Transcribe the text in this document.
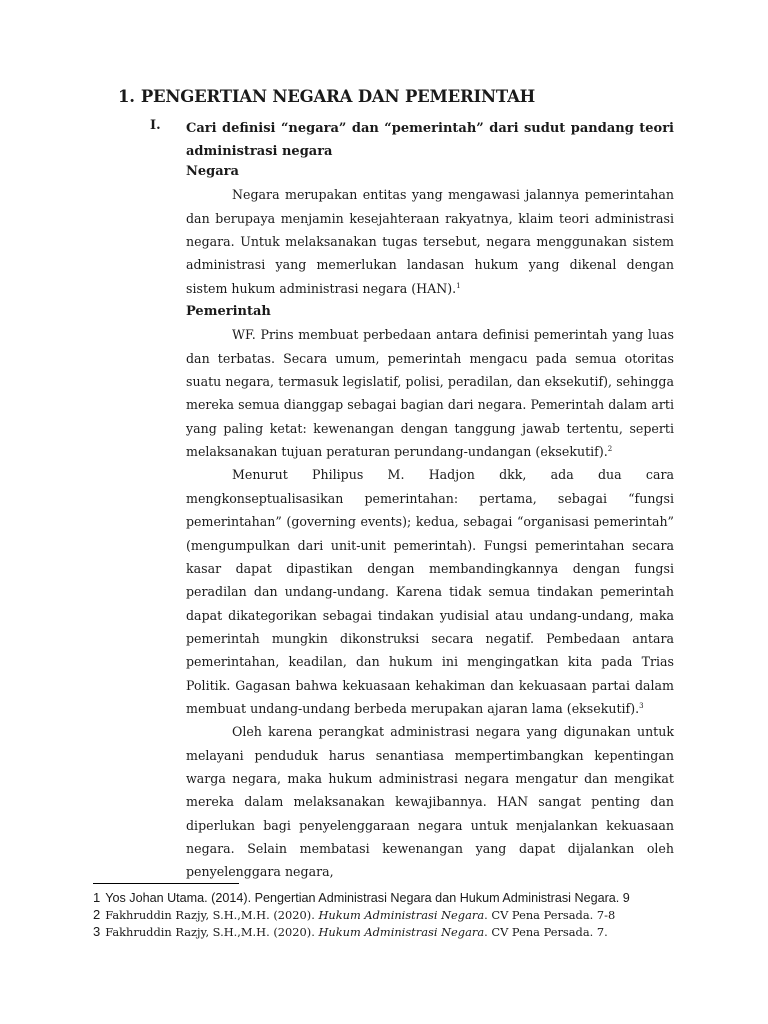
1. PENGERTIAN NEGARA DAN PEMERINTAH
I. Cari definisi “negara” dan “pemerintah” dari sudut pandang teori administrasi negara
Negara

Negara merupakan entitas yang mengawasi jalannya pemerintahan dan berupaya menjamin kesejahteraan rakyatnya, klaim teori administrasi negara. Untuk melaksanakan tugas tersebut, negara menggunakan sistem administrasi yang memerlukan landasan hukum yang dikenal dengan sistem hukum administrasi negara (HAN).$^1$

Pemerintah

WF. Prins membuat perbedaan antara definisi pemerintah yang luas dan terbatas. Secara umum, pemerintah mengacu pada semua otoritas suatu negara, termasuk legislatif, polisi, peradilan, dan eksekutif), sehingga mereka semua dianggap sebagai bagian dari negara. Pemerintah dalam arti yang paling ketat: kewenangan dengan tanggung jawab tertentu, seperti melaksanakan tujuan peraturan perundang-undangan (eksekutif).$^2$

Menurut Philipus M. Hadjon dkk, ada dua cara mengkonseptualisasikan pemerintahan: pertama, sebagai “fungsi pemerintahan” (governing events); kedua, sebagai “organisasi pemerintah” (mengumpulkan dari unit-unit pemerintah). Fungsi pemerintahan secara kasar dapat dipastikan dengan membandingkannya dengan fungsi peradilan dan undang-undang. Karena tidak semua tindakan pemerintah dapat dikategorikan sebagai tindakan yudisial atau undang-undang, maka pemerintah mungkin dikonstruksi secara negatif. Pembedaan antara pemerintahan, keadilan, dan hukum ini mengingatkan kita pada Trias Politik. Gagasan bahwa kekuasaan kehakiman dan kekuasaan partai dalam membuat undang-undang berbeda merupakan ajaran lama (eksekutif).$^3$

Oleh karena perangkat administrasi negara yang digunakan untuk melayani penduduk harus senantiasa mempertimbangkan kepentingan warga negara, maka hukum administrasi negara mengatur dan mengikat mereka dalam melaksanakan kewajibannya. HAN sangat penting dan diperlukan bagi penyelenggaraan negara untuk menjalankan kekuasaan negara. Selain membatasi kewenangan yang dapat dijalankan oleh penyelenggara negara,

1 Yos Johan Utama. (2014). Pengertian Administrasi Negara dan Hukum Administrasi Negara. 9
2 Fakhruddin Razjy, S.H.,M.H. (2020). Hukum Administrasi Negara. CV Pena Persada. 7-8
3 Fakhruddin Razjy, S.H.,M.H. (2020). Hukum Administrasi Negara. CV Pena Persada. 7.
